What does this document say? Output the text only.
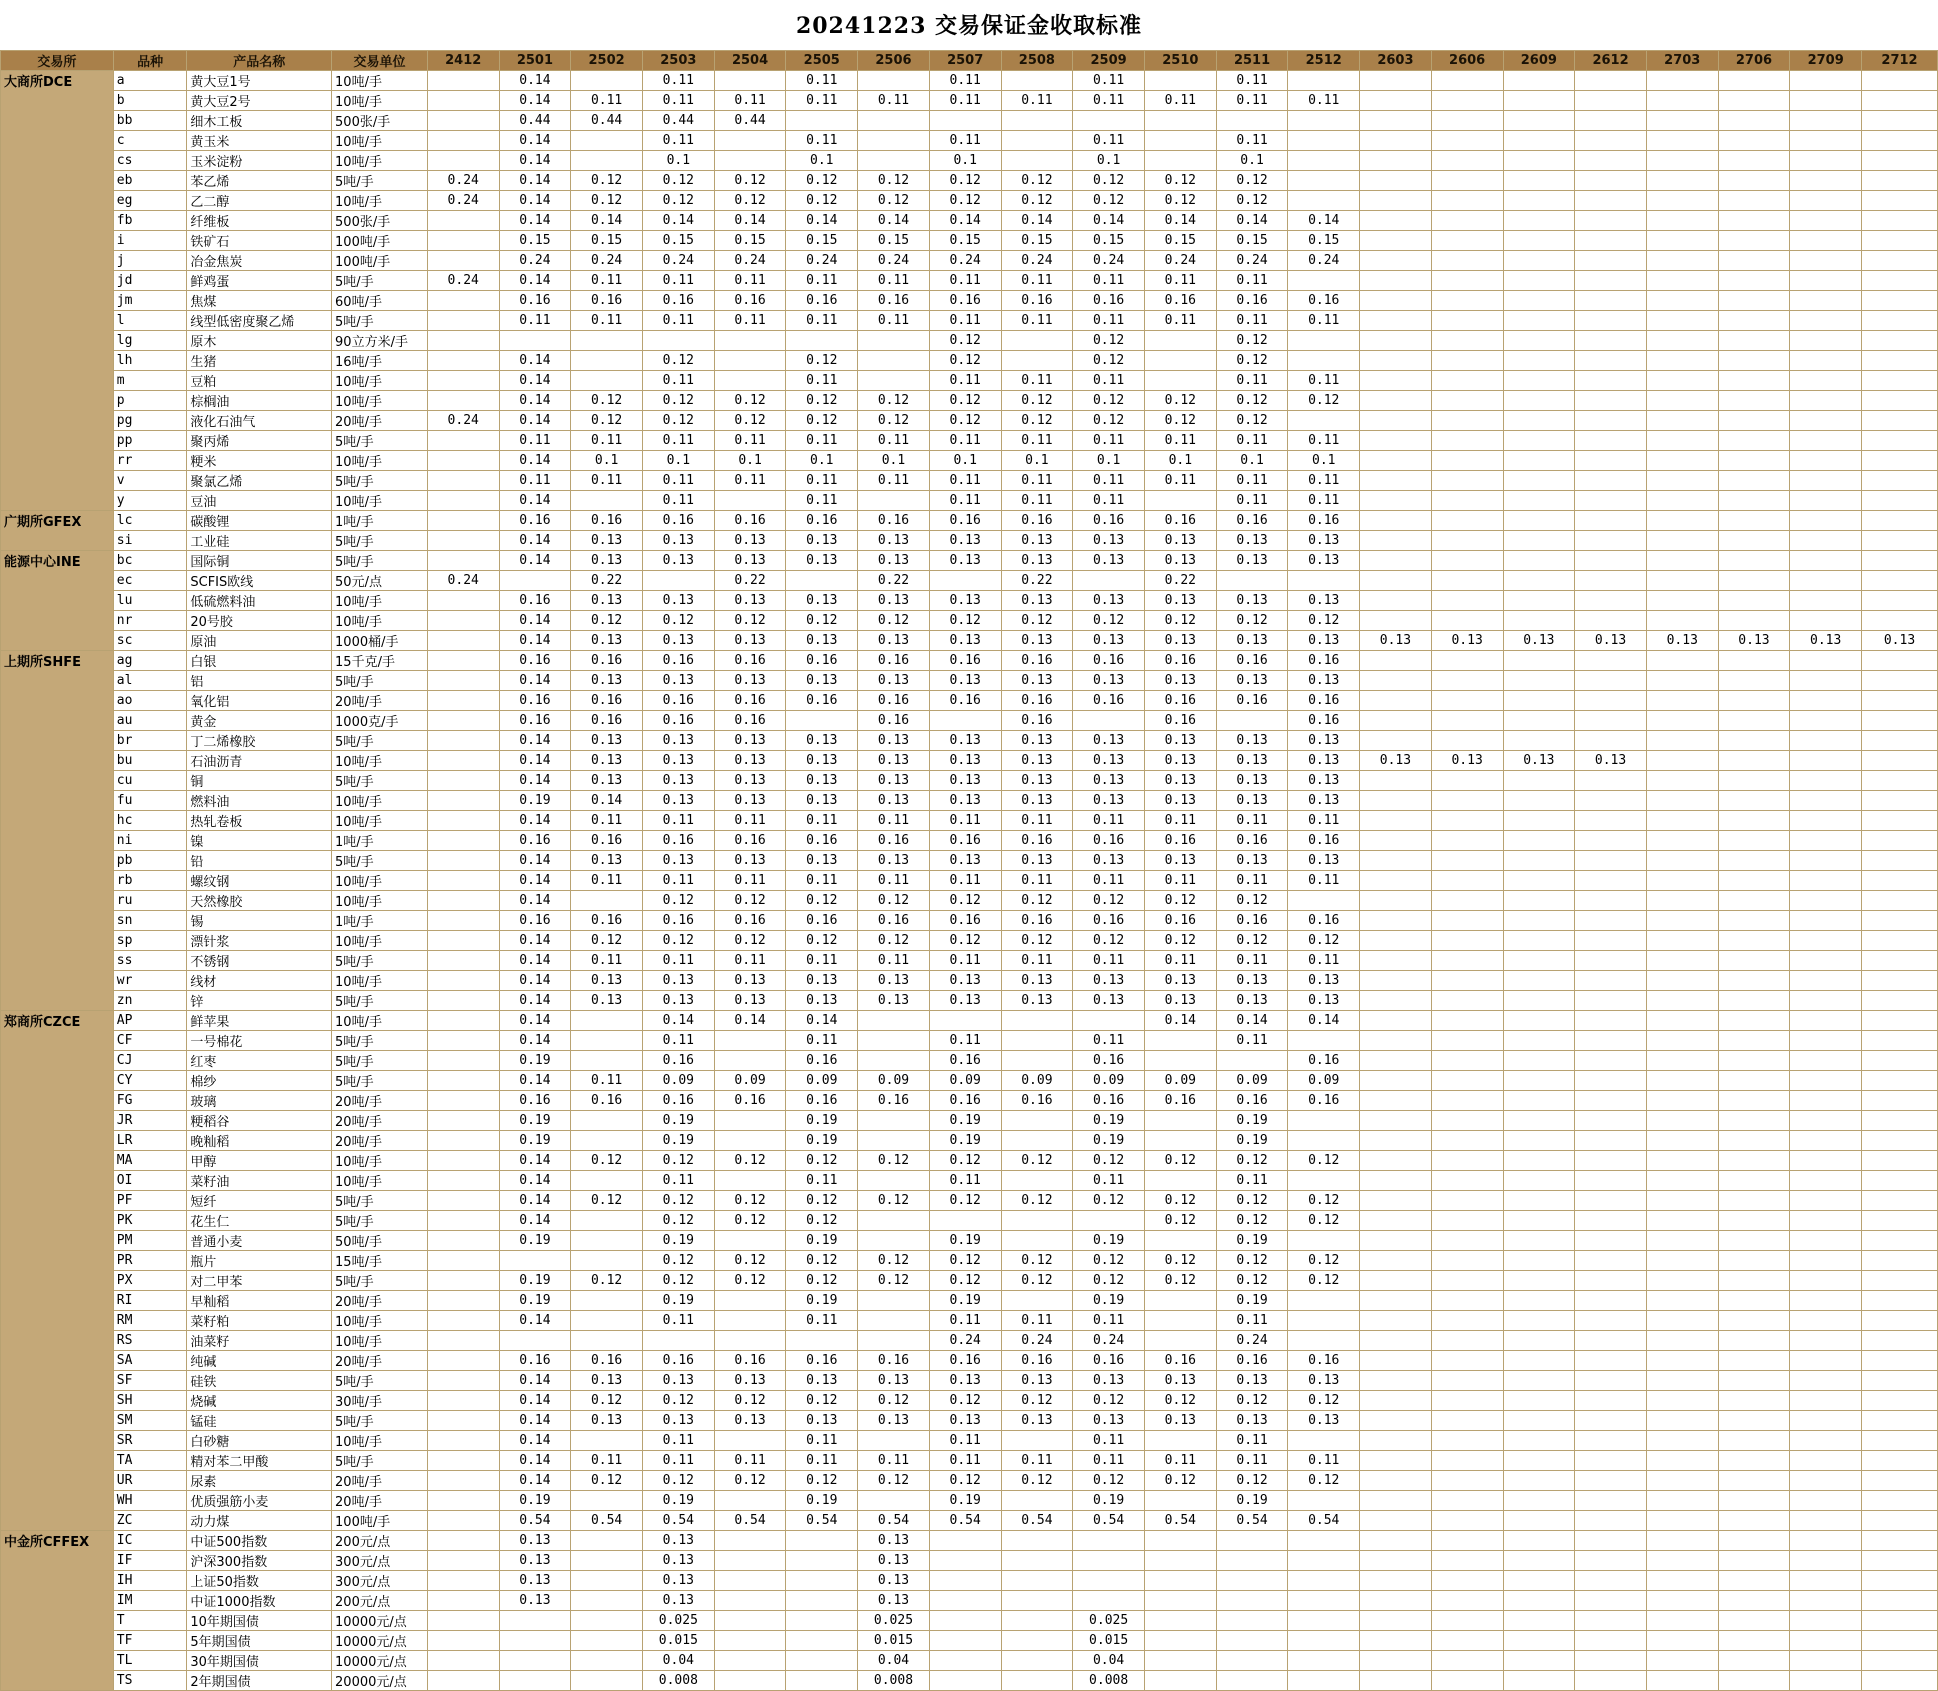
20241223 交易保证金收取标准
交易所	品种	产品名称	交易单位	2412	2501	2502	2503	2504	2505	2506	2507	2508	2509	2510	2511	2512	2603	2606	2609	2612	2703	2706	2709	2712
大商所DCE	a	黄大豆1号	10吨/手		0.14		0.11		0.11		0.11		0.11		0.11									
	b	黄大豆2号	10吨/手		0.14	0.11	0.11	0.11	0.11	0.11	0.11	0.11	0.11	0.11	0.11	0.11								
	bb	细木工板	500张/手		0.44	0.44	0.44	0.44																
	c	黄玉米	10吨/手		0.14		0.11		0.11		0.11		0.11		0.11									
	cs	玉米淀粉	10吨/手		0.14		0.1		0.1		0.1		0.1		0.1									
	eb	苯乙烯	5吨/手	0.24	0.14	0.12	0.12	0.12	0.12	0.12	0.12	0.12	0.12	0.12	0.12									
	eg	乙二醇	10吨/手	0.24	0.14	0.12	0.12	0.12	0.12	0.12	0.12	0.12	0.12	0.12	0.12									
	fb	纤维板	500张/手		0.14	0.14	0.14	0.14	0.14	0.14	0.14	0.14	0.14	0.14	0.14	0.14								
	i	铁矿石	100吨/手		0.15	0.15	0.15	0.15	0.15	0.15	0.15	0.15	0.15	0.15	0.15	0.15								
	j	冶金焦炭	100吨/手		0.24	0.24	0.24	0.24	0.24	0.24	0.24	0.24	0.24	0.24	0.24	0.24								
	jd	鲜鸡蛋	5吨/手	0.24	0.14	0.11	0.11	0.11	0.11	0.11	0.11	0.11	0.11	0.11	0.11									
	jm	焦煤	60吨/手		0.16	0.16	0.16	0.16	0.16	0.16	0.16	0.16	0.16	0.16	0.16	0.16								
	l	线型低密度聚乙烯	5吨/手		0.11	0.11	0.11	0.11	0.11	0.11	0.11	0.11	0.11	0.11	0.11	0.11								
	lg	原木	90立方米/手								0.12		0.12		0.12									
	lh	生猪	16吨/手		0.14		0.12		0.12		0.12		0.12		0.12									
	m	豆粕	10吨/手		0.14		0.11		0.11		0.11	0.11	0.11		0.11	0.11								
	p	棕榈油	10吨/手		0.14	0.12	0.12	0.12	0.12	0.12	0.12	0.12	0.12	0.12	0.12	0.12								
	pg	液化石油气	20吨/手	0.24	0.14	0.12	0.12	0.12	0.12	0.12	0.12	0.12	0.12	0.12	0.12									
	pp	聚丙烯	5吨/手		0.11	0.11	0.11	0.11	0.11	0.11	0.11	0.11	0.11	0.11	0.11	0.11								
	rr	粳米	10吨/手		0.14	0.1	0.1	0.1	0.1	0.1	0.1	0.1	0.1	0.1	0.1	0.1								
	v	聚氯乙烯	5吨/手		0.11	0.11	0.11	0.11	0.11	0.11	0.11	0.11	0.11	0.11	0.11	0.11								
	y	豆油	10吨/手		0.14		0.11		0.11		0.11	0.11	0.11		0.11	0.11								
广期所GFEX	lc	碳酸锂	1吨/手		0.16	0.16	0.16	0.16	0.16	0.16	0.16	0.16	0.16	0.16	0.16	0.16								
	si	工业硅	5吨/手		0.14	0.13	0.13	0.13	0.13	0.13	0.13	0.13	0.13	0.13	0.13	0.13								
能源中心INE	bc	国际铜	5吨/手		0.14	0.13	0.13	0.13	0.13	0.13	0.13	0.13	0.13	0.13	0.13	0.13								
	ec	SCFIS欧线	50元/点	0.24		0.22		0.22		0.22		0.22		0.22										
	lu	低硫燃料油	10吨/手		0.16	0.13	0.13	0.13	0.13	0.13	0.13	0.13	0.13	0.13	0.13	0.13								
	nr	20号胶	10吨/手		0.14	0.12	0.12	0.12	0.12	0.12	0.12	0.12	0.12	0.12	0.12	0.12								
	sc	原油	1000桶/手		0.14	0.13	0.13	0.13	0.13	0.13	0.13	0.13	0.13	0.13	0.13	0.13	0.13	0.13	0.13	0.13	0.13	0.13	0.13	0.13
上期所SHFE	ag	白银	15千克/手		0.16	0.16	0.16	0.16	0.16	0.16	0.16	0.16	0.16	0.16	0.16	0.16								
	al	铝	5吨/手		0.14	0.13	0.13	0.13	0.13	0.13	0.13	0.13	0.13	0.13	0.13	0.13								
	ao	氧化铝	20吨/手		0.16	0.16	0.16	0.16	0.16	0.16	0.16	0.16	0.16	0.16	0.16	0.16								
	au	黄金	1000克/手		0.16	0.16	0.16	0.16		0.16		0.16		0.16		0.16								
	br	丁二烯橡胶	5吨/手		0.14	0.13	0.13	0.13	0.13	0.13	0.13	0.13	0.13	0.13	0.13	0.13								
	bu	石油沥青	10吨/手		0.14	0.13	0.13	0.13	0.13	0.13	0.13	0.13	0.13	0.13	0.13	0.13	0.13	0.13	0.13	0.13				
	cu	铜	5吨/手		0.14	0.13	0.13	0.13	0.13	0.13	0.13	0.13	0.13	0.13	0.13	0.13								
	fu	燃料油	10吨/手		0.19	0.14	0.13	0.13	0.13	0.13	0.13	0.13	0.13	0.13	0.13	0.13								
	hc	热轧卷板	10吨/手		0.14	0.11	0.11	0.11	0.11	0.11	0.11	0.11	0.11	0.11	0.11	0.11								
	ni	镍	1吨/手		0.16	0.16	0.16	0.16	0.16	0.16	0.16	0.16	0.16	0.16	0.16	0.16								
	pb	铅	5吨/手		0.14	0.13	0.13	0.13	0.13	0.13	0.13	0.13	0.13	0.13	0.13	0.13								
	rb	螺纹钢	10吨/手		0.14	0.11	0.11	0.11	0.11	0.11	0.11	0.11	0.11	0.11	0.11	0.11								
	ru	天然橡胶	10吨/手		0.14		0.12	0.12	0.12	0.12	0.12	0.12	0.12	0.12	0.12									
	sn	锡	1吨/手		0.16	0.16	0.16	0.16	0.16	0.16	0.16	0.16	0.16	0.16	0.16	0.16								
	sp	漂针浆	10吨/手		0.14	0.12	0.12	0.12	0.12	0.12	0.12	0.12	0.12	0.12	0.12	0.12								
	ss	不锈钢	5吨/手		0.14	0.11	0.11	0.11	0.11	0.11	0.11	0.11	0.11	0.11	0.11	0.11								
	wr	线材	10吨/手		0.14	0.13	0.13	0.13	0.13	0.13	0.13	0.13	0.13	0.13	0.13	0.13								
	zn	锌	5吨/手		0.14	0.13	0.13	0.13	0.13	0.13	0.13	0.13	0.13	0.13	0.13	0.13								
郑商所CZCE	AP	鲜苹果	10吨/手		0.14		0.14	0.14	0.14					0.14	0.14	0.14								
	CF	一号棉花	5吨/手		0.14		0.11		0.11		0.11		0.11		0.11									
	CJ	红枣	5吨/手		0.19		0.16		0.16		0.16		0.16			0.16								
	CY	棉纱	5吨/手		0.14	0.11	0.09	0.09	0.09	0.09	0.09	0.09	0.09	0.09	0.09	0.09								
	FG	玻璃	20吨/手		0.16	0.16	0.16	0.16	0.16	0.16	0.16	0.16	0.16	0.16	0.16	0.16								
	JR	粳稻谷	20吨/手		0.19		0.19		0.19		0.19		0.19		0.19									
	LR	晚籼稻	20吨/手		0.19		0.19		0.19		0.19		0.19		0.19									
	MA	甲醇	10吨/手		0.14	0.12	0.12	0.12	0.12	0.12	0.12	0.12	0.12	0.12	0.12	0.12								
	OI	菜籽油	10吨/手		0.14		0.11		0.11		0.11		0.11		0.11									
	PF	短纤	5吨/手		0.14	0.12	0.12	0.12	0.12	0.12	0.12	0.12	0.12	0.12	0.12	0.12								
	PK	花生仁	5吨/手		0.14		0.12	0.12	0.12					0.12	0.12	0.12								
	PM	普通小麦	50吨/手		0.19		0.19		0.19		0.19		0.19		0.19									
	PR	瓶片	15吨/手				0.12	0.12	0.12	0.12	0.12	0.12	0.12	0.12	0.12	0.12								
	PX	对二甲苯	5吨/手		0.19	0.12	0.12	0.12	0.12	0.12	0.12	0.12	0.12	0.12	0.12	0.12								
	RI	早籼稻	20吨/手		0.19		0.19		0.19		0.19		0.19		0.19									
	RM	菜籽粕	10吨/手		0.14		0.11		0.11		0.11	0.11	0.11		0.11									
	RS	油菜籽	10吨/手								0.24	0.24	0.24		0.24									
	SA	纯碱	20吨/手		0.16	0.16	0.16	0.16	0.16	0.16	0.16	0.16	0.16	0.16	0.16	0.16								
	SF	硅铁	5吨/手		0.14	0.13	0.13	0.13	0.13	0.13	0.13	0.13	0.13	0.13	0.13	0.13								
	SH	烧碱	30吨/手		0.14	0.12	0.12	0.12	0.12	0.12	0.12	0.12	0.12	0.12	0.12	0.12								
	SM	锰硅	5吨/手		0.14	0.13	0.13	0.13	0.13	0.13	0.13	0.13	0.13	0.13	0.13	0.13								
	SR	白砂糖	10吨/手		0.14		0.11		0.11		0.11		0.11		0.11									
	TA	精对苯二甲酸	5吨/手		0.14	0.11	0.11	0.11	0.11	0.11	0.11	0.11	0.11	0.11	0.11	0.11								
	UR	尿素	20吨/手		0.14	0.12	0.12	0.12	0.12	0.12	0.12	0.12	0.12	0.12	0.12	0.12								
	WH	优质强筋小麦	20吨/手		0.19		0.19		0.19		0.19		0.19		0.19									
	ZC	动力煤	100吨/手		0.54	0.54	0.54	0.54	0.54	0.54	0.54	0.54	0.54	0.54	0.54	0.54								
中金所CFFEX	IC	中证500指数	200元/点		0.13		0.13			0.13														
	IF	沪深300指数	300元/点		0.13		0.13			0.13														
	IH	上证50指数	300元/点		0.13		0.13			0.13														
	IM	中证1000指数	200元/点		0.13		0.13			0.13														
	T	10年期国债	10000元/点				0.025			0.025			0.025											
	TF	5年期国债	10000元/点				0.015			0.015			0.015											
	TL	30年期国债	10000元/点				0.04			0.04			0.04											
	TS	2年期国债	20000元/点				0.008			0.008			0.008											
